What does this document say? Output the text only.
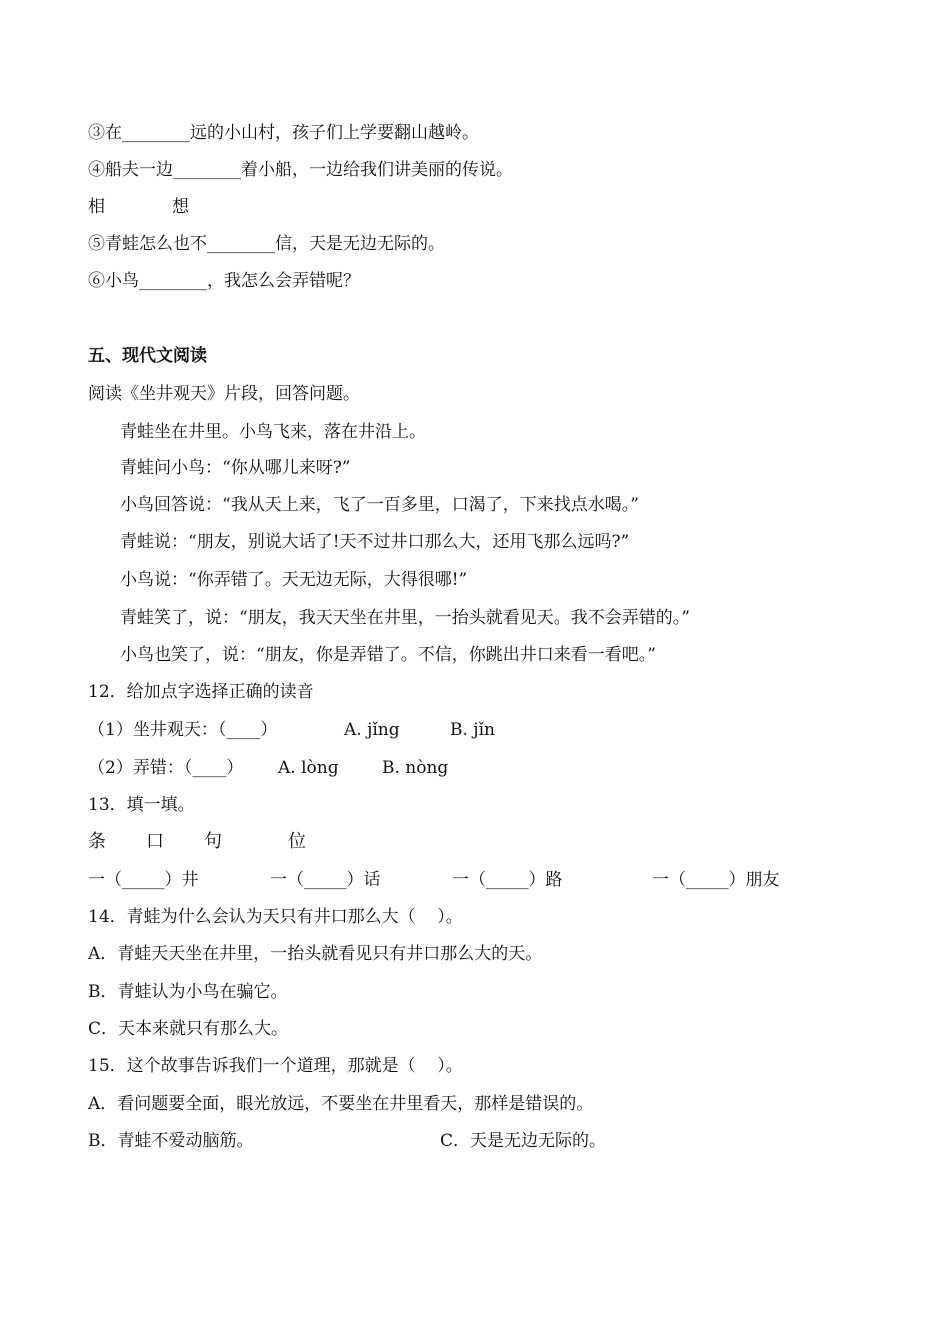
③在________远的小山村，孩子们上学要翻山越岭。
④船夫一边________着小船，一边给我们讲美丽的传说。
相	想
⑤青蛙怎么也不________信，天是无边无际的。
⑥小鸟________，我怎么会弄错呢？
五、现代文阅读
阅读《坐井观天》片段，回答问题。
青蛙坐在井里。小鸟飞来，落在井沿上。
青蛙问小鸟：“你从哪儿来呀?”
小鸟回答说：“我从天上来，飞了一百多里，口渴了，下来找点水喝。”
青蛙说：“朋友，别说大话了!天不过井口那么大，还用飞那么远吗?”
小鸟说：“你弄错了。天无边无际，大得很哪!”
青蛙笑了，说：“朋友，我天天坐在井里，一抬头就看见天。我不会弄错的。”
小鸟也笑了，说：“朋友，你是弄错了。不信，你跳出井口来看一看吧。”
12．给加点字选择正确的读音
（1）坐井观天：（____）	A. jǐng	B. jǐn
（2）弄错：（____） A. lònɡ	B. nòng
13．填一填。
条 口 句	位
一（_____）井	一（_____）话	一（_____）路	一（_____）朋友
14．青蛙为什么会认为天只有井口那么大（    ）。
A．青蛙天天坐在井里，一抬头就看见只有井口那么大的天。
B．青蛙认为小鸟在骗它。
C．天本来就只有那么大。
15．这个故事告诉我们一个道理，那就是（    ）。
A．看问题要全面，眼光放远，不要坐在井里看天，那样是错误的。
B．青蛙不爱动脑筋。	C．天是无边无际的。
